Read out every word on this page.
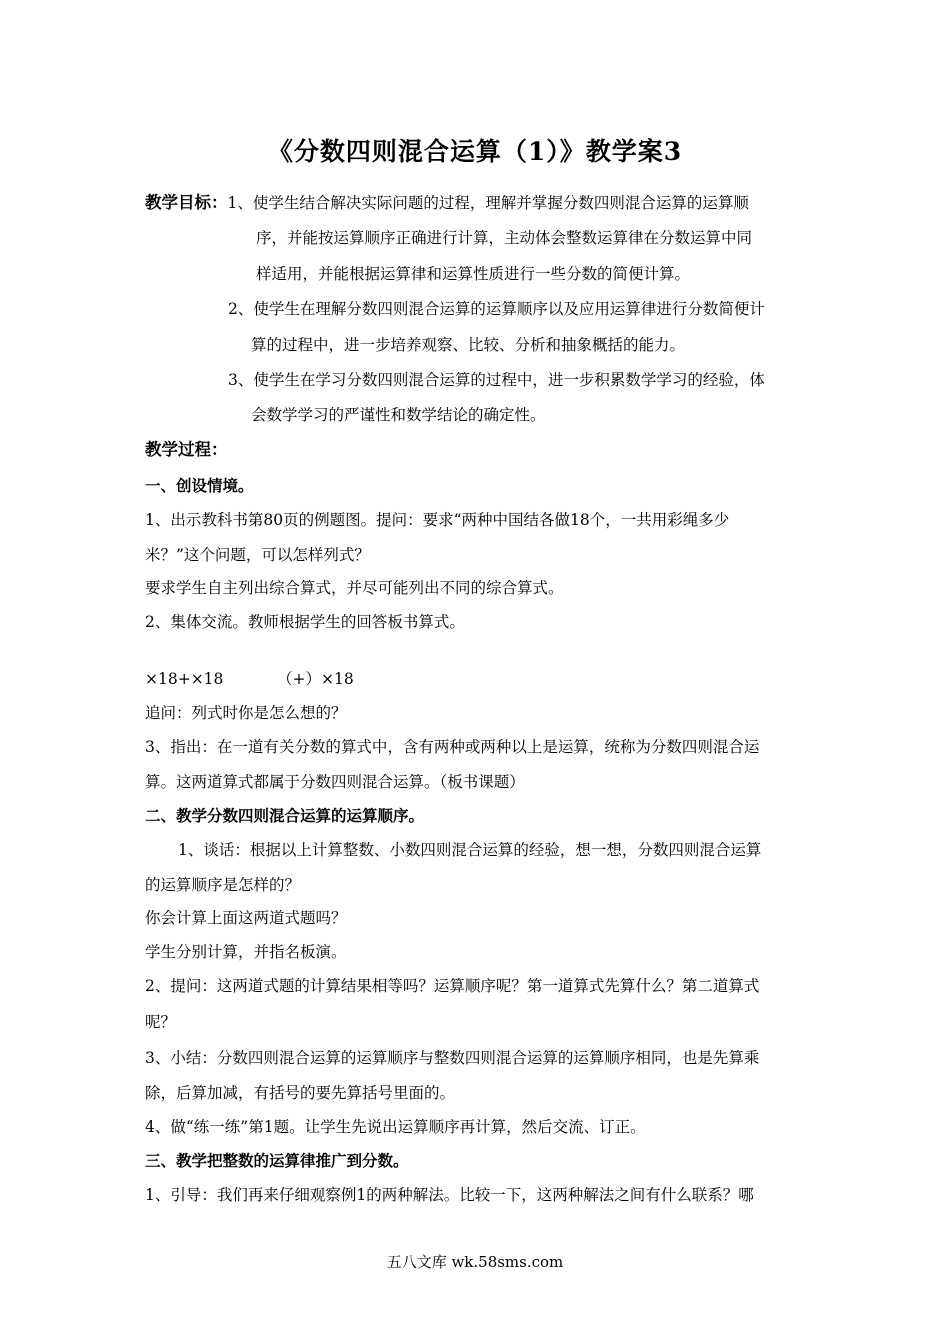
《分数四则混合运算（1）》教学案3
教学目标：1、使学生结合解决实际问题的过程，理解并掌握分数四则混合运算的运算顺
序，并能按运算顺序正确进行计算，主动体会整数运算律在分数运算中同
样适用，并能根据运算律和运算性质进行一些分数的简便计算。
2、使学生在理解分数四则混合运算的运算顺序以及应用运算律进行分数简便计
算的过程中，进一步培养观察、比较、分析和抽象概括的能力。
3、使学生在学习分数四则混合运算的过程中，进一步积累数学学习的经验，体
会数学学习的严谨性和数学结论的确定性。
教学过程：
一、创设情境。
1、出示教科书第80页的例题图。提问：要求“两种中国结各做18个，一共用彩绳多少
米？”这个问题，可以怎样列式？
要求学生自主列出综合算式，并尽可能列出不同的综合算式。
2、集体交流。教师根据学生的回答板书算式。
×18+×18	（+）×18
追问：列式时你是怎么想的？
3、指出：在一道有关分数的算式中，含有两种或两种以上是运算，统称为分数四则混合运
算。这两道算式都属于分数四则混合运算。（板书课题）
二、教学分数四则混合运算的运算顺序。
1、谈话：根据以上计算整数、小数四则混合运算的经验，想一想，分数四则混合运算
的运算顺序是怎样的？
你会计算上面这两道式题吗？
学生分别计算，并指名板演。
2、提问：这两道式题的计算结果相等吗？运算顺序呢？第一道算式先算什么？第二道算式
呢？
3、小结：分数四则混合运算的运算顺序与整数四则混合运算的运算顺序相同，也是先算乘
除，后算加减，有括号的要先算括号里面的。
4、做“练一练”第1题。让学生先说出运算顺序再计算，然后交流、订正。
三、教学把整数的运算律推广到分数。
1、引导：我们再来仔细观察例1的两种解法。比较一下，这两种解法之间有什么联系？哪
五八文库 wk.58sms.com
